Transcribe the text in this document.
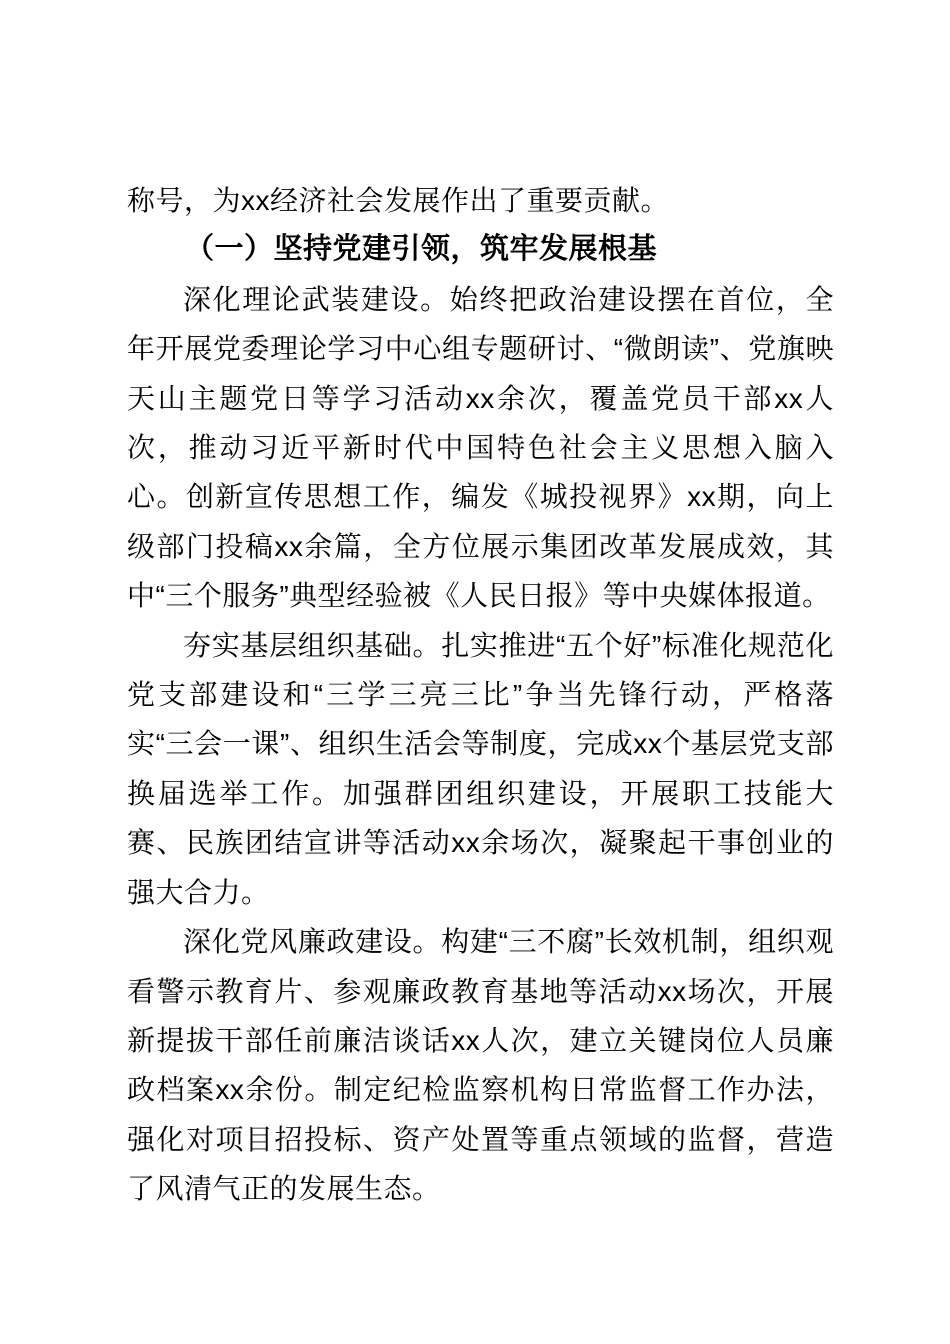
称号，为xx经济社会发展作出了重要贡献。

（一）坚持党建引领，筑牢发展根基

深化理论武装建设。始终把政治建设摆在首位，全年开展党委理论学习中心组专题研讨、“微朗读”、党旗映天山主题党日等学习活动xx余次，覆盖党员干部xx人次，推动习近平新时代中国特色社会主义思想入脑入心。创新宣传思想工作，编发《城投视界》xx期，向上级部门投稿xx余篇，全方位展示集团改革发展成效，其中“三个服务”典型经验被《人民日报》等中央媒体报道。

夯实基层组织基础。扎实推进“五个好”标准化规范化党支部建设和“三学三亮三比”争当先锋行动，严格落实“三会一课”、组织生活会等制度，完成xx个基层党支部换届选举工作。加强群团组织建设，开展职工技能大赛、民族团结宣讲等活动xx余场次，凝聚起干事创业的强大合力。

深化党风廉政建设。构建“三不腐”长效机制，组织观看警示教育片、参观廉政教育基地等活动xx场次，开展新提拔干部任前廉洁谈话xx人次，建立关键岗位人员廉政档案xx余份。制定纪检监察机构日常监督工作办法，强化对项目招投标、资产处置等重点领域的监督，营造了风清气正的发展生态。
